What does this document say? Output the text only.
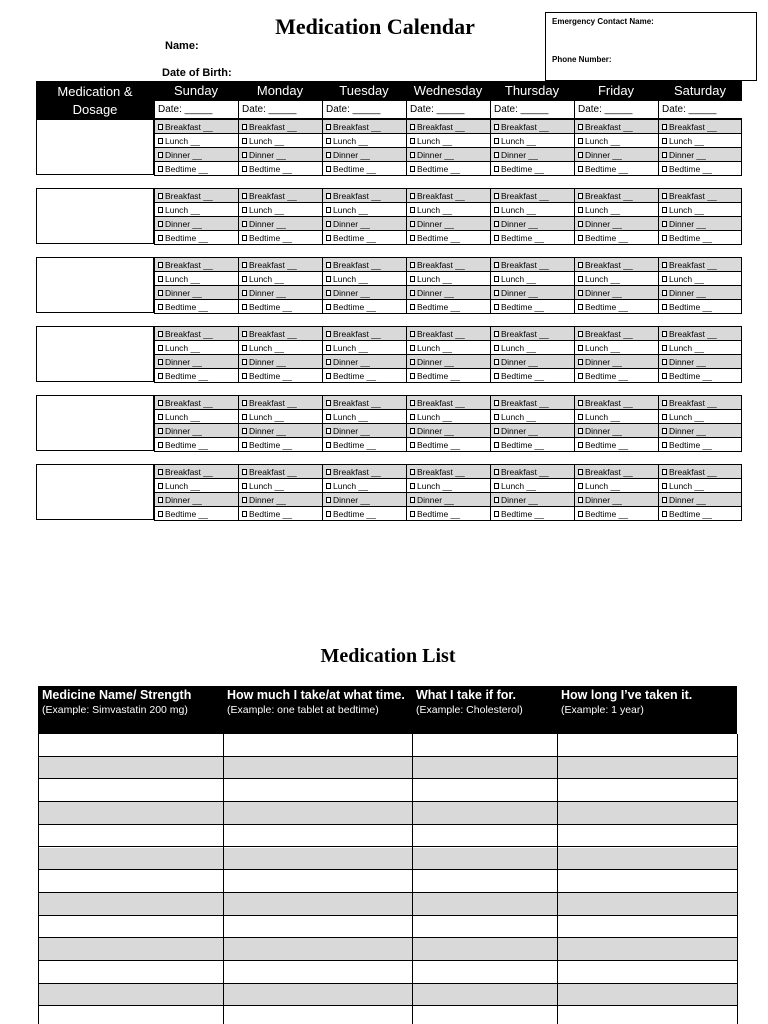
Medication Calendar
Name:
Date of Birth:
Emergency Contact Name:
Phone Number:
Medication & Dosage
Sunday
Date: _____
Monday
Date: _____
Tuesday
Date: _____
Wednesday
Date: _____
Thursday
Date: _____
Friday
Date: _____
Saturday
Date: _____
Breakfast __
Lunch __
Dinner __
Bedtime __
Breakfast __
Lunch __
Dinner __
Bedtime __
Breakfast __
Lunch __
Dinner __
Bedtime __
Breakfast __
Lunch __
Dinner __
Bedtime __
Breakfast __
Lunch __
Dinner __
Bedtime __
Breakfast __
Lunch __
Dinner __
Bedtime __
Breakfast __
Lunch __
Dinner __
Bedtime __
Breakfast __
Lunch __
Dinner __
Bedtime __
Breakfast __
Lunch __
Dinner __
Bedtime __
Breakfast __
Lunch __
Dinner __
Bedtime __
Breakfast __
Lunch __
Dinner __
Bedtime __
Breakfast __
Lunch __
Dinner __
Bedtime __
Breakfast __
Lunch __
Dinner __
Bedtime __
Breakfast __
Lunch __
Dinner __
Bedtime __
Breakfast __
Lunch __
Dinner __
Bedtime __
Breakfast __
Lunch __
Dinner __
Bedtime __
Breakfast __
Lunch __
Dinner __
Bedtime __
Breakfast __
Lunch __
Dinner __
Bedtime __
Breakfast __
Lunch __
Dinner __
Bedtime __
Breakfast __
Lunch __
Dinner __
Bedtime __
Breakfast __
Lunch __
Dinner __
Bedtime __
Breakfast __
Lunch __
Dinner __
Bedtime __
Breakfast __
Lunch __
Dinner __
Bedtime __
Breakfast __
Lunch __
Dinner __
Bedtime __
Breakfast __
Lunch __
Dinner __
Bedtime __
Breakfast __
Lunch __
Dinner __
Bedtime __
Breakfast __
Lunch __
Dinner __
Bedtime __
Breakfast __
Lunch __
Dinner __
Bedtime __
Breakfast __
Lunch __
Dinner __
Bedtime __
Breakfast __
Lunch __
Dinner __
Bedtime __
Breakfast __
Lunch __
Dinner __
Bedtime __
Breakfast __
Lunch __
Dinner __
Bedtime __
Breakfast __
Lunch __
Dinner __
Bedtime __
Breakfast __
Lunch __
Dinner __
Bedtime __
Breakfast __
Lunch __
Dinner __
Bedtime __
Breakfast __
Lunch __
Dinner __
Bedtime __
Breakfast __
Lunch __
Dinner __
Bedtime __
Breakfast __
Lunch __
Dinner __
Bedtime __
Breakfast __
Lunch __
Dinner __
Bedtime __
Breakfast __
Lunch __
Dinner __
Bedtime __
Breakfast __
Lunch __
Dinner __
Bedtime __
Breakfast __
Lunch __
Dinner __
Bedtime __
Medication List
Medicine Name/ Strength
(Example: Simvastatin 200 mg)
How much I take/at what time.
(Example: one tablet at bedtime)
What I take if for.
(Example: Cholesterol)
How long I’ve taken it.
(Example: 1 year)
